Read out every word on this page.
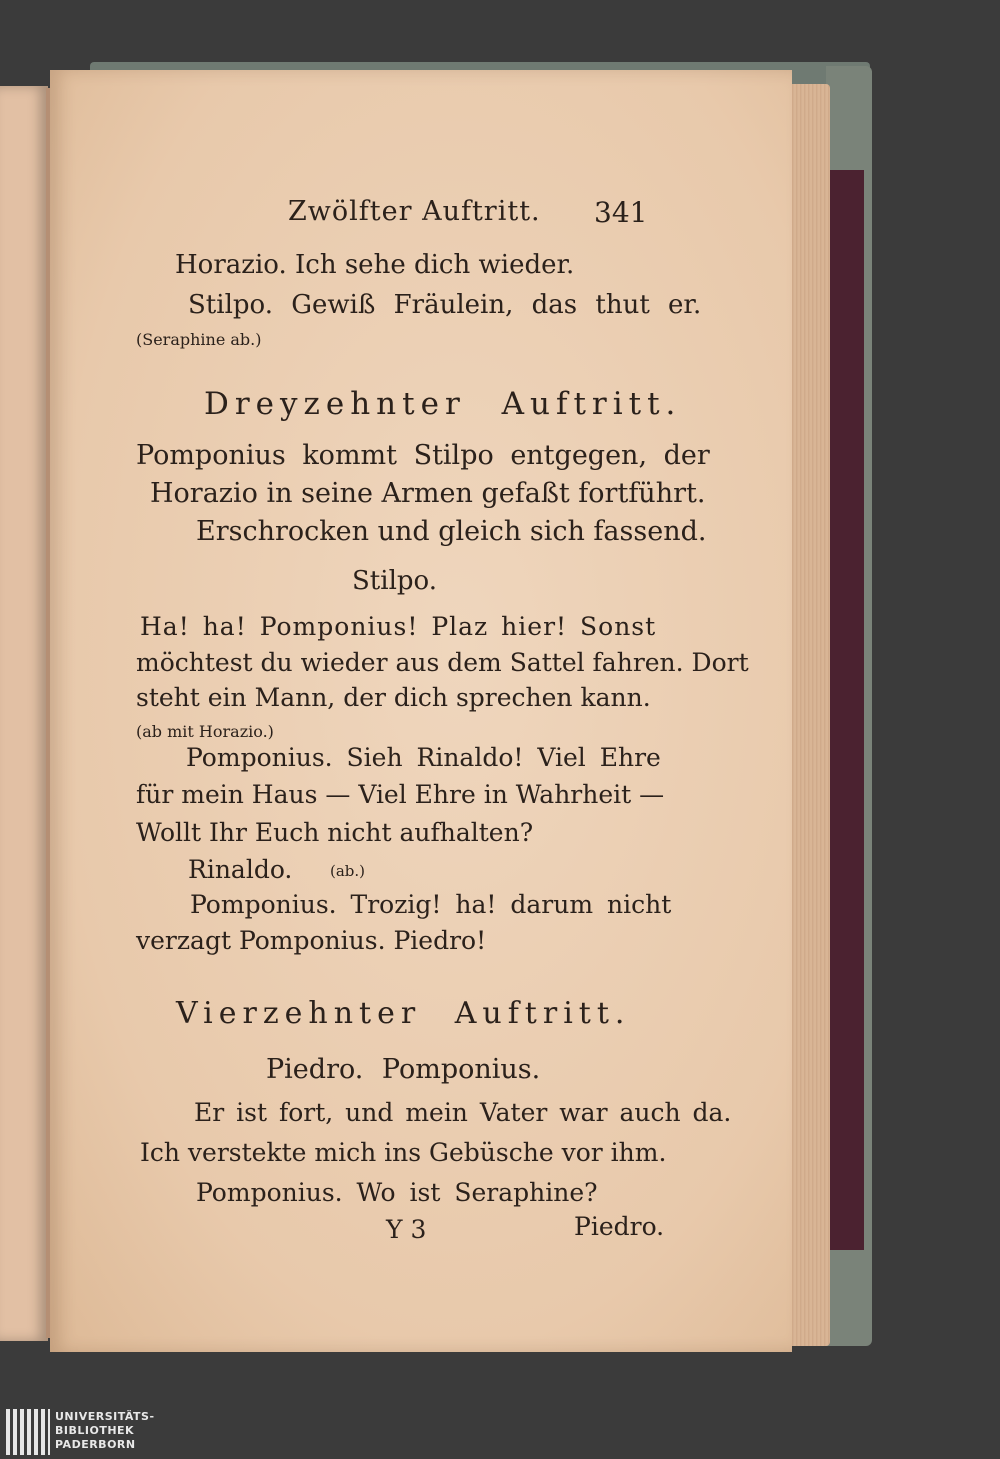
Zwölfter Auftritt. 341
Horazio. Ich sehe dich wieder.
Stilpo. Gewiß Fräulein, das thut er.
(Seraphine ab.)
Dreyzehnter Auftritt.
Pomponius kommt Stilpo entgegen, der
Horazio in seine Armen gefaßt fortführt.
Erschrocken und gleich sich fassend.
Stilpo.
Ha! ha! Pomponius! Plaz hier! Sonst
möchtest du wieder aus dem Sattel fahren. Dort
steht ein Mann, der dich sprechen kann.
(ab mit Horazio.)
Pomponius. Sieh Rinaldo! Viel Ehre
für mein Haus — Viel Ehre in Wahrheit —
Wollt Ihr Euch nicht aufhalten?
Rinaldo.	(ab.)
Pomponius. Trozig! ha! darum nicht
verzagt Pomponius. Piedro!
Vierzehnter Auftritt.
Piedro. Pomponius.
Er ist fort, und mein Vater war auch da.
Ich verstekte mich ins Gebüsche vor ihm.
Pomponius. Wo ist Seraphine?
Y 3	Piedro.
UNIVERSITÄTS-
BIBLIOTHEK
PADERBORN
